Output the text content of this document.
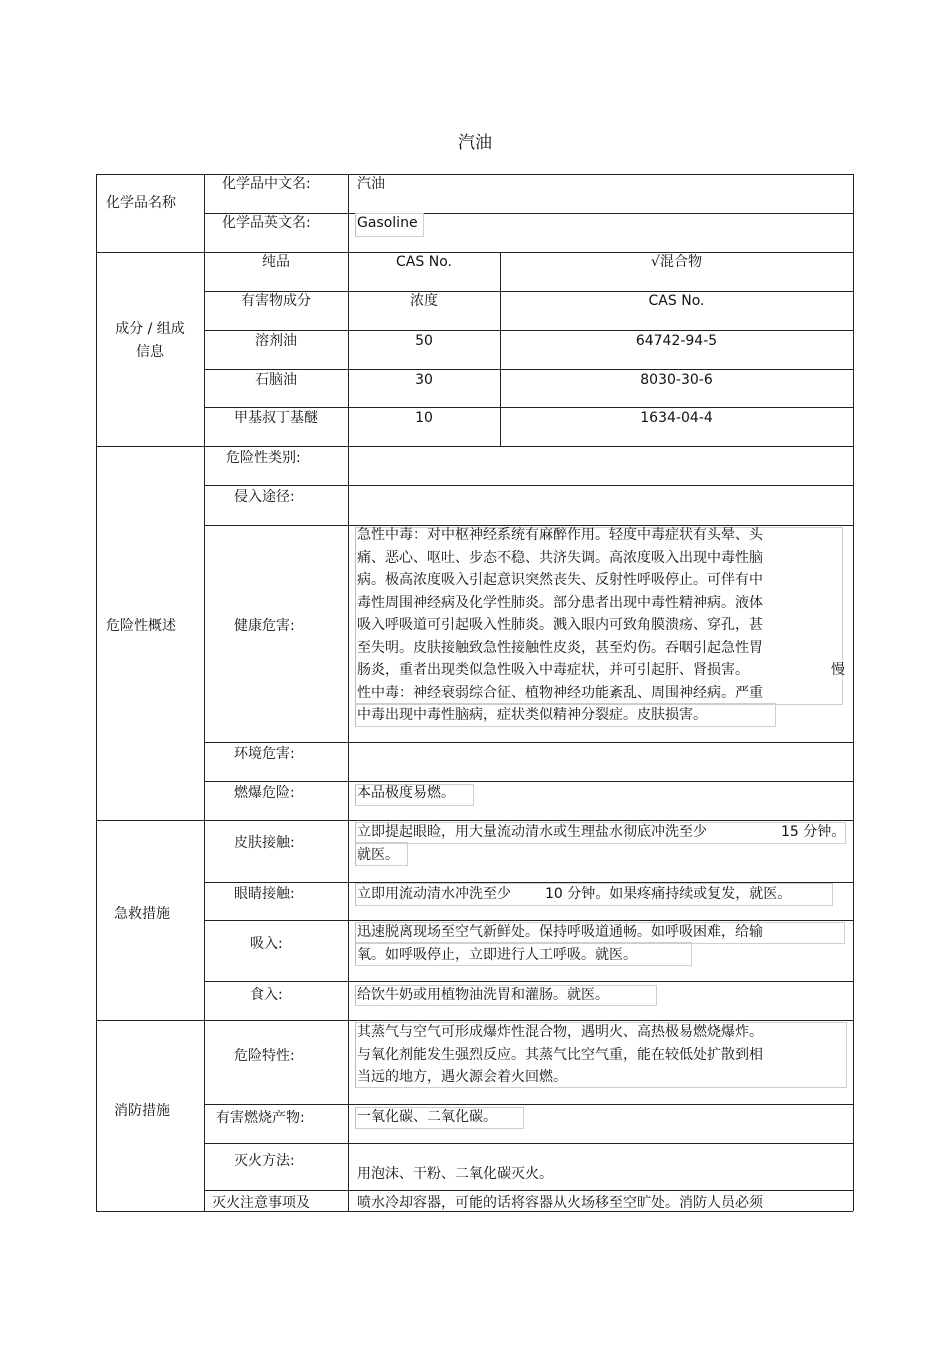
汽油
化学品名称
化学品中文名:	汽油
化学品英文名:	Gasoline
成分 / 组成
信息
纯品	CAS No.	√混合物
有害物成分	浓度	CAS No.
溶剂油	50	64742-94-5
石脑油	30	8030-30-6
甲基叔丁基醚	10	1634-04-4
危险性概述
危险性类别:
侵入途径:
健康危害:
急性中毒：对中枢神经系统有麻醉作用。轻度中毒症状有头晕、头
痛、恶心、呕吐、步态不稳、共济失调。高浓度吸入出现中毒性脑
病。极高浓度吸入引起意识突然丧失、反射性呼吸停止。可伴有中
毒性周围神经病及化学性肺炎。部分患者出现中毒性精神病。液体
吸入呼吸道可引起吸入性肺炎。溅入眼内可致角膜溃疡、穿孔，甚
至失明。皮肤接触致急性接触性皮炎，甚至灼伤。吞咽引起急性胃
肠炎，重者出现类似急性吸入中毒症状，并可引起肝、肾损害。	慢
性中毒：神经衰弱综合征、植物神经功能紊乱、周围神经病。严重
中毒出现中毒性脑病，症状类似精神分裂症。皮肤损害。
环境危害:
燃爆危险:	本品极度易燃。
急救措施
皮肤接触:
立即提起眼睑，用大量流动清水或生理盐水彻底冲洗至少	15 分钟。
就医。
眼睛接触:	立即用流动清水冲洗至少 10 分钟。如果疼痛持续或复发，就医。
吸入:
迅速脱离现场至空气新鲜处。保持呼吸道通畅。如呼吸困难，给输
氧。如呼吸停止，立即进行人工呼吸。就医。
食入:	给饮牛奶或用植物油洗胃和灌肠。就医。
消防措施
危险特性:
其蒸气与空气可形成爆炸性混合物，遇明火、高热极易燃烧爆炸。
与氧化剂能发生强烈反应。其蒸气比空气重，能在较低处扩散到相
当远的地方，遇火源会着火回燃。
有害燃烧产物:	一氧化碳、二氧化碳。
灭火方法:
用泡沫、干粉、二氧化碳灭火。
灭火注意事项及	喷水冷却容器，可能的话将容器从火场移至空旷处。消防人员必须
